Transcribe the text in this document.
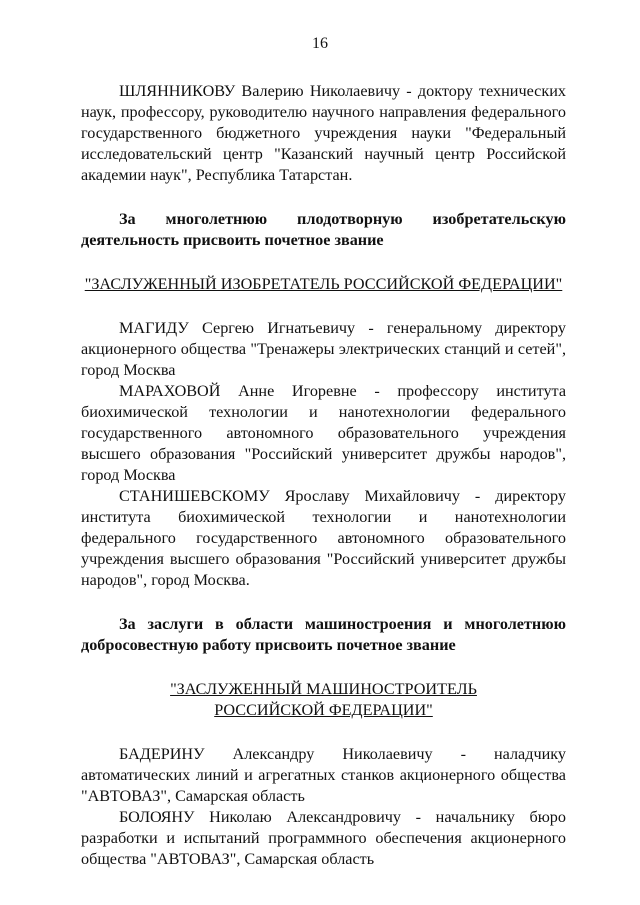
16

ШЛЯННИКОВУ Валерию Николаевичу - доктору технических наук, профессору, руководителю научного направления федерального государственного бюджетного учреждения науки "Федеральный исследовательский центр "Казанский научный центр Российской академии наук", Республика Татарстан.

За многолетнюю плодотворную изобретательскую деятельность присвоить почетное звание

"ЗАСЛУЖЕННЫЙ ИЗОБРЕТАТЕЛЬ РОССИЙСКОЙ ФЕДЕРАЦИИ"

МАГИДУ Сергею Игнатьевичу - генеральному директору акционерного общества "Тренажеры электрических станций и сетей", город Москва

МАРАХОВОЙ Анне Игоревне - профессору института биохимической технологии и нанотехнологии федерального государственного автономного образовательного учреждения высшего образования "Российский университет дружбы народов", город Москва

СТАНИШЕВСКОМУ Ярославу Михайловичу - директору института биохимической технологии и нанотехнологии федерального государственного автономного образовательного учреждения высшего образования "Российский университет дружбы народов", город Москва.

За заслуги в области машиностроения и многолетнюю добросовестную работу присвоить почетное звание

"ЗАСЛУЖЕННЫЙ МАШИНОСТРОИТЕЛЬ

РОССИЙСКОЙ ФЕДЕРАЦИИ"

БАДЕРИНУ Александру Николаевичу - наладчику автоматических линий и агрегатных станков акционерного общества "АВТОВАЗ", Самарская область

БОЛОЯНУ Николаю Александровичу - начальнику бюро разработки и испытаний программного обеспечения акционерного общества "АВТОВАЗ", Самарская область
